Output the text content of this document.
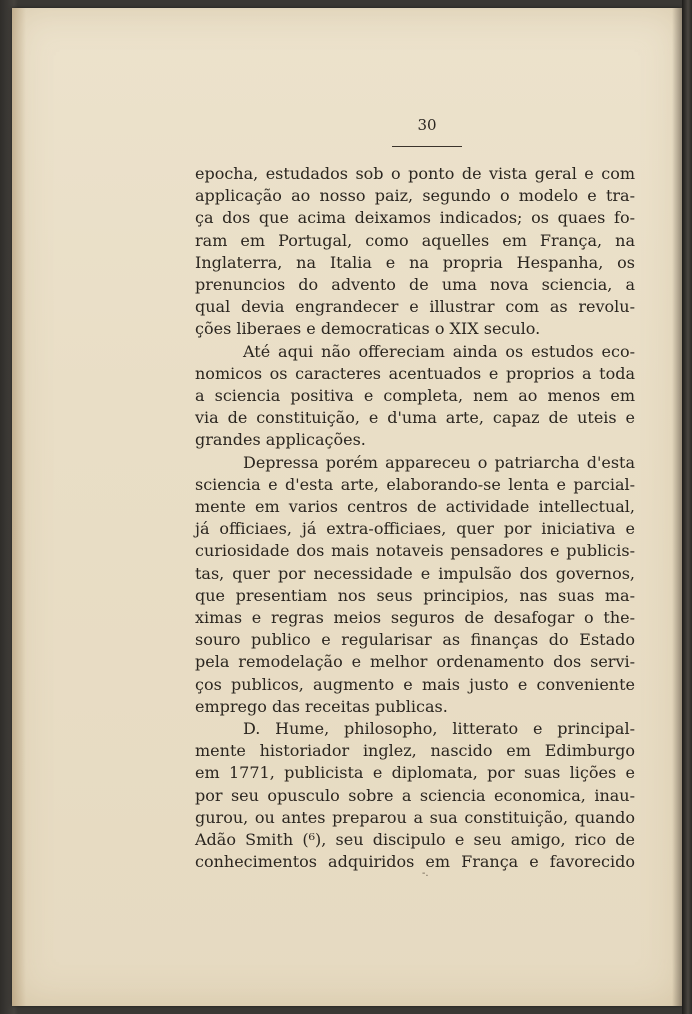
30

epocha, estudados sob o ponto de vista geral e com
applicação ao nosso paiz, segundo o modelo e tra-
ça dos que acima deixamos indicados; os quaes fo-
ram em Portugal, como aquelles em França, na
Inglaterra, na Italia e na propria Hespanha, os
prenuncios do advento de uma nova sciencia, a
qual devia engrandecer e illustrar com as revolu-
ções liberaes e democraticas o XIX seculo.
Até aqui não offereciam ainda os estudos eco-
nomicos os caracteres acentuados e proprios a toda
a sciencia positiva e completa, nem ao menos em
via de constituição, e d'uma arte, capaz de uteis e
grandes applicações.
Depressa porém appareceu o patriarcha d'esta
sciencia e d'esta arte, elaborando-se lenta e parcial-
mente em varios centros de actividade intellectual,
já officiaes, já extra-officiaes, quer por iniciativa e
curiosidade dos mais notaveis pensadores e publicis-
tas, quer por necessidade e impulsão dos governos,
que presentiam nos seus principios, nas suas ma-
ximas e regras meios seguros de desafogar o the-
souro publico e regularisar as finanças do Estado
pela remodelação e melhor ordenamento dos servi-
ços publicos, augmento e mais justo e conveniente
emprego das receitas publicas.
D. Hume, philosopho, litterato e principal-
mente historiador inglez, nascido em Edimburgo
em 1771, publicista e diplomata, por suas lições e
por seu opusculo sobre a sciencia economica, inau-
gurou, ou antes preparou a sua constituição, quando
Adão Smith (⁶), seu discipulo e seu amigo, rico de
conhecimentos adquiridos em França e favorecido
-.
